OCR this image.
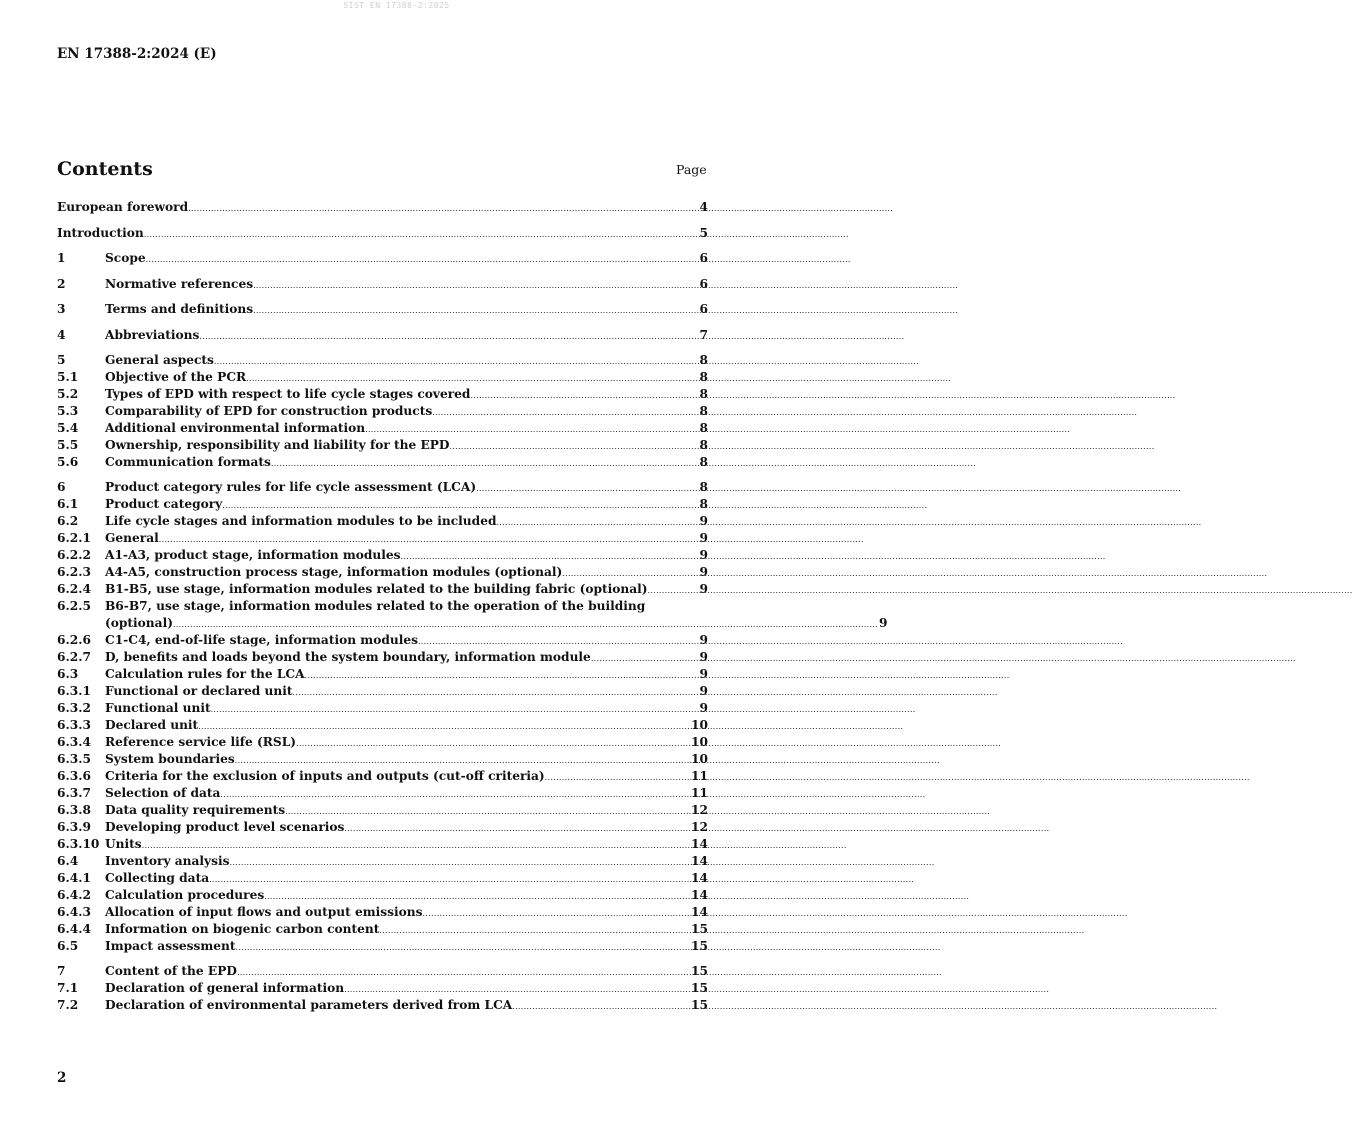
SIST EN 17388-2:2025
EN 17388-2:2024 (E)
Contents	Page
European foreword .....	4
Introduction .....	5
1	Scope .....	6
2	Normative references .....	6
3	Terms and definitions .....	6
4	Abbreviations .....	7
5	General aspects .....	8
5.1	Objective of the PCR .....	8
5.2	Types of EPD with respect to life cycle stages covered .....	8
5.3	Comparability of EPD for construction products .....	8
5.4	Additional environmental information .....	8
5.5	Ownership, responsibility and liability for the EPD .....	8
5.6	Communication formats .....	8
6	Product category rules for life cycle assessment (LCA) .....	8
6.1	Product category .....	8
6.2	Life cycle stages and information modules to be included .....	9
6.2.1	General .....	9
6.2.2	A1-A3, product stage, information modules .....	9
6.2.3	A4-A5, construction process stage, information modules (optional) .....	9
6.2.4	B1-B5, use stage, information modules related to the building fabric (optional) .....	9
6.2.5	B6-B7, use stage, information modules related to the operation of the building
(optional) .....	9
6.2.6	C1-C4, end-of-life stage, information modules .....	9
6.2.7	D, benefits and loads beyond the system boundary, information module .....	9
6.3	Calculation rules for the LCA .....	9
6.3.1	Functional or declared unit .....	9
6.3.2	Functional unit .....	9
6.3.3	Declared unit .....	10
6.3.4	Reference service life (RSL) .....	10
6.3.5	System boundaries .....	10
6.3.6	Criteria for the exclusion of inputs and outputs (cut-off criteria) .....	11
6.3.7	Selection of data .....	11
6.3.8	Data quality requirements .....	12
6.3.9	Developing product level scenarios .....	12
6.3.10 Units .....	14
6.4	Inventory analysis .....	14
6.4.1	Collecting data .....	14
6.4.2	Calculation procedures .....	14
6.4.3	Allocation of input flows and output emissions .....	14
6.4.4	Information on biogenic carbon content .....	15
6.5	Impact assessment .....	15
7	Content of the EPD .....	15
7.1	Declaration of general information .....	15
7.2	Declaration of environmental parameters derived from LCA .....	15
2
